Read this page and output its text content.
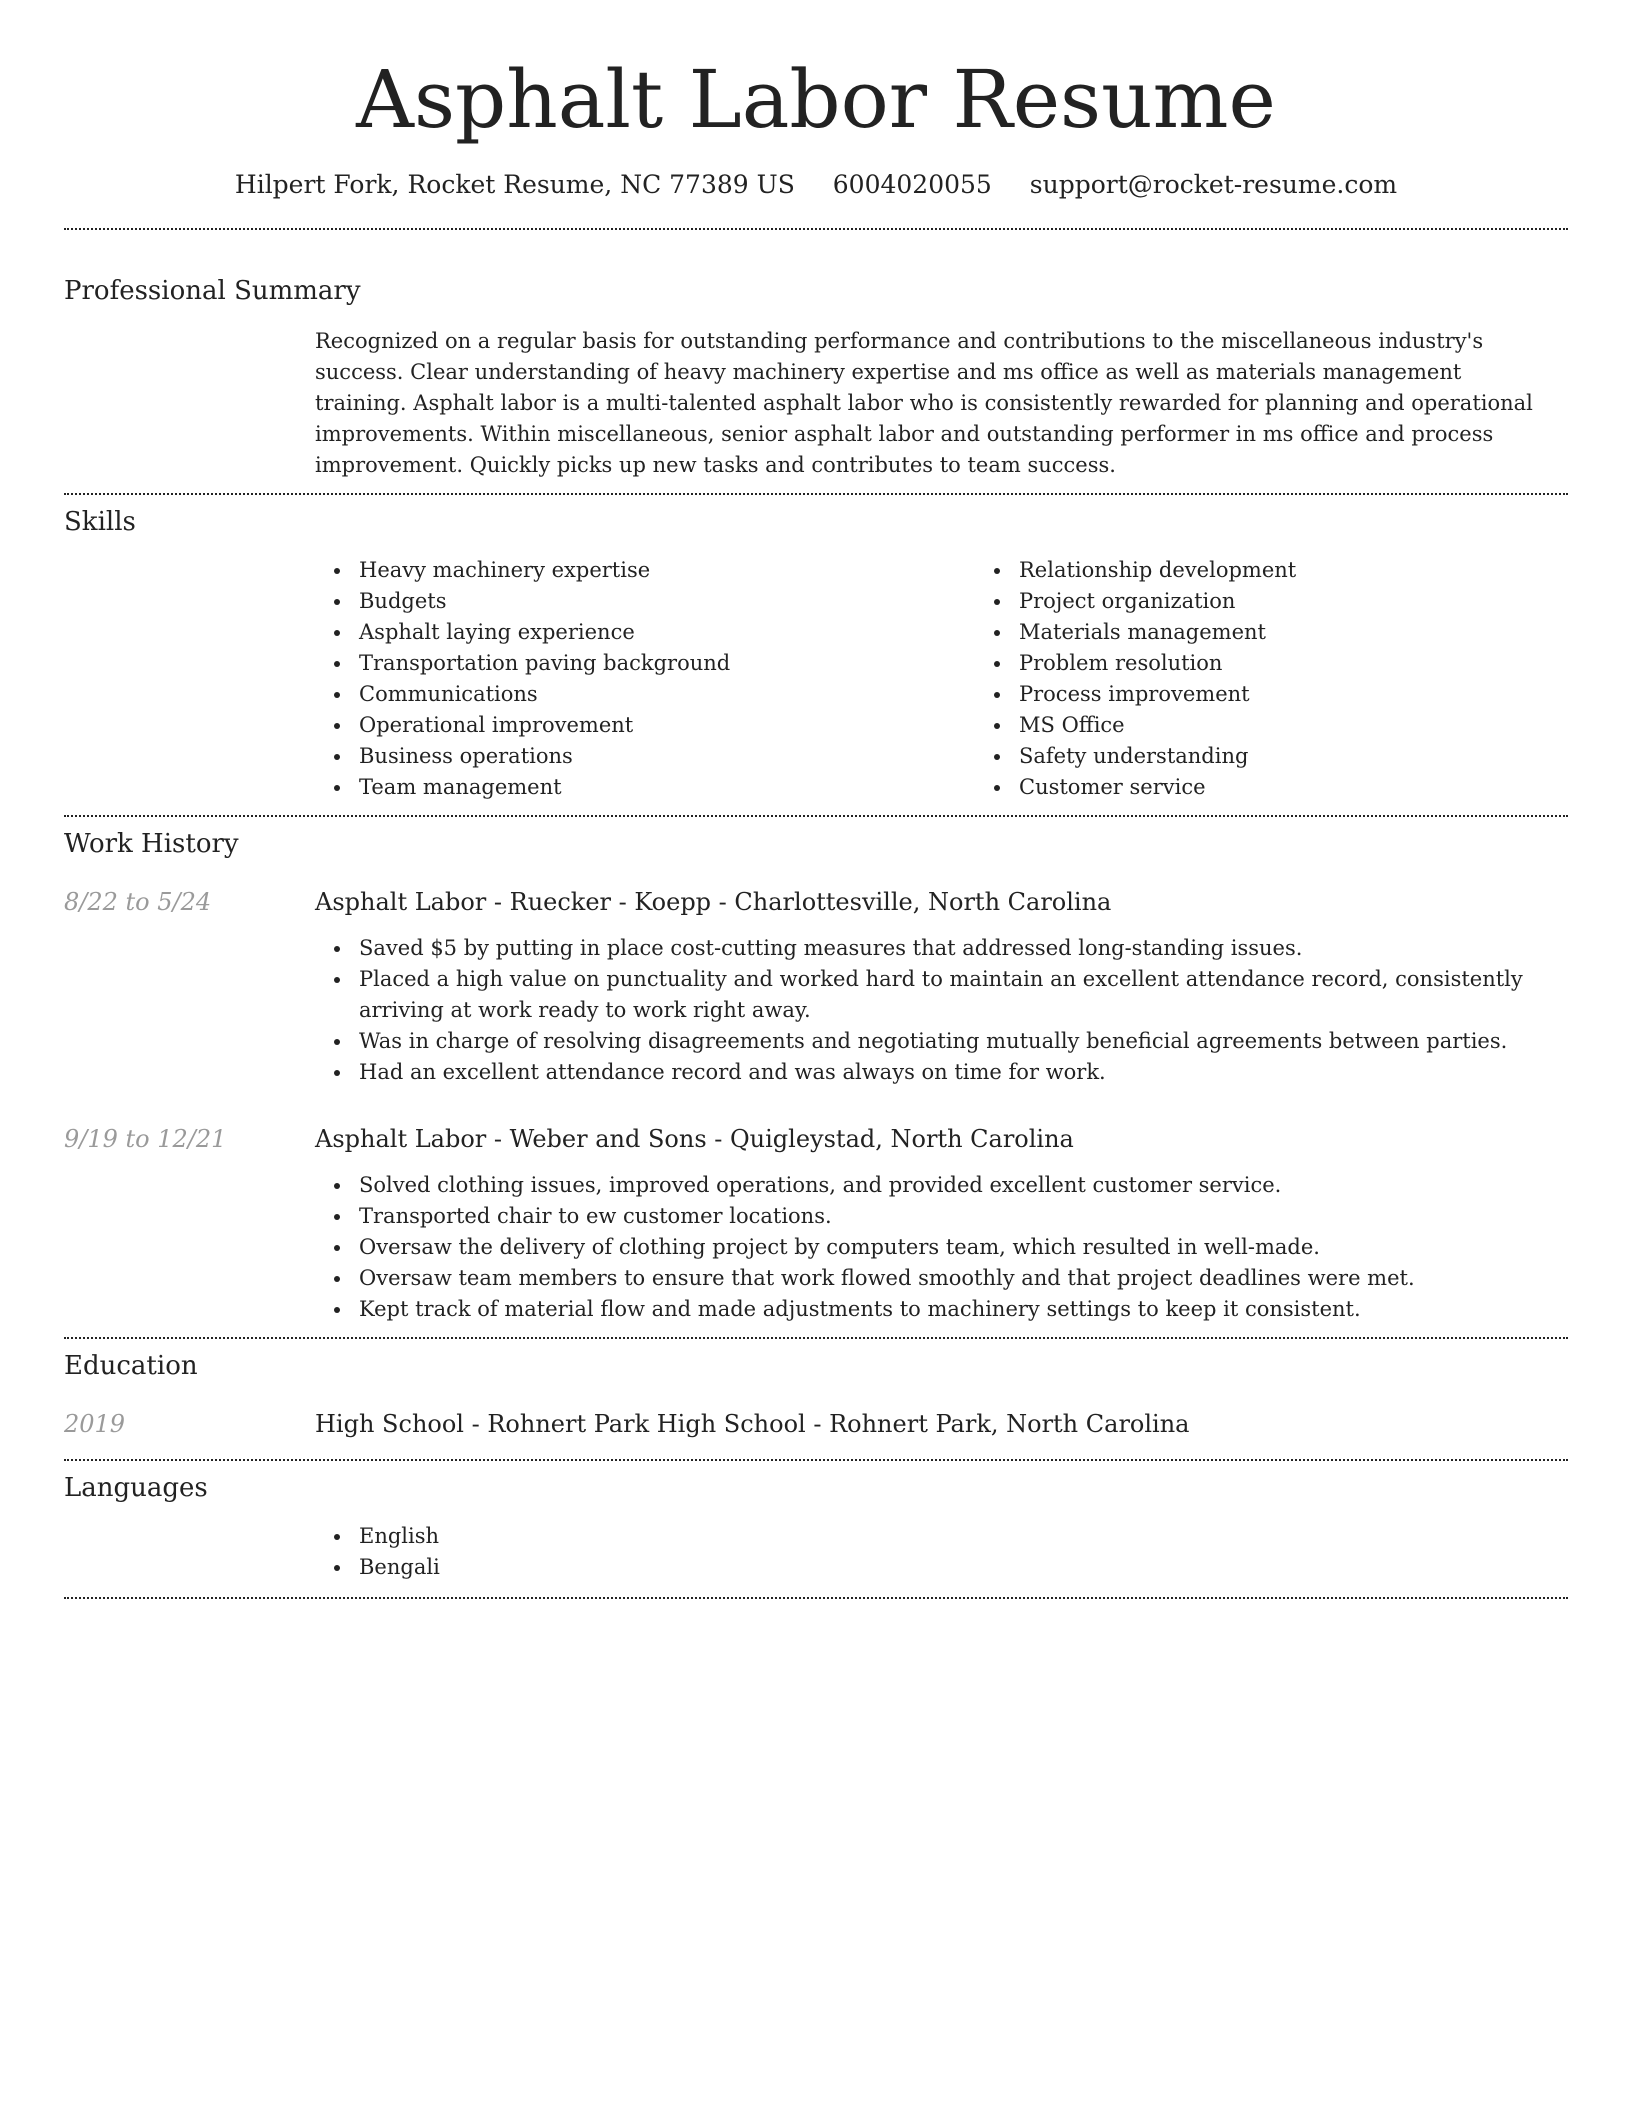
Asphalt Labor Resume
Hilpert Fork, Rocket Resume, NC 77389 US 6004020055 support@rocket-resume.com
Professional Summary

Recognized on a regular basis for outstanding performance and contributions to the miscellaneous industry's success. Clear understanding of heavy machinery expertise and ms office as well as materials management training. Asphalt labor is a multi-talented asphalt labor who is consistently rewarded for planning and operational improvements. Within miscellaneous, senior asphalt labor and outstanding performer in ms office and process improvement. Quickly picks up new tasks and contributes to team success.

Skills
Heavy machinery expertise
Budgets
Asphalt laying experience
Transportation paving background
Communications
Operational improvement
Business operations
Team management
Relationship development
Project organization
Materials management
Problem resolution
Process improvement
MS Office
Safety understanding
Customer service
Work History
8/22 to 5/24	Asphalt Labor - Ruecker - Koepp - Charlottesville, North Carolina
Saved $5 by putting in place cost-cutting measures that addressed long-standing issues.
Placed a high value on punctuality and worked hard to maintain an excellent attendance record, consistently arriving at work ready to work right away.
Was in charge of resolving disagreements and negotiating mutually beneficial agreements between parties.
Had an excellent attendance record and was always on time for work.
9/19 to 12/21	Asphalt Labor - Weber and Sons - Quigleystad, North Carolina
Solved clothing issues, improved operations, and provided excellent customer service.
Transported chair to ew customer locations.
Oversaw the delivery of clothing project by computers team, which resulted in well-made.
Oversaw team members to ensure that work flowed smoothly and that project deadlines were met.
Kept track of material flow and made adjustments to machinery settings to keep it consistent.
Education
2019	High School - Rohnert Park High School - Rohnert Park, North Carolina
Languages
English
Bengali
